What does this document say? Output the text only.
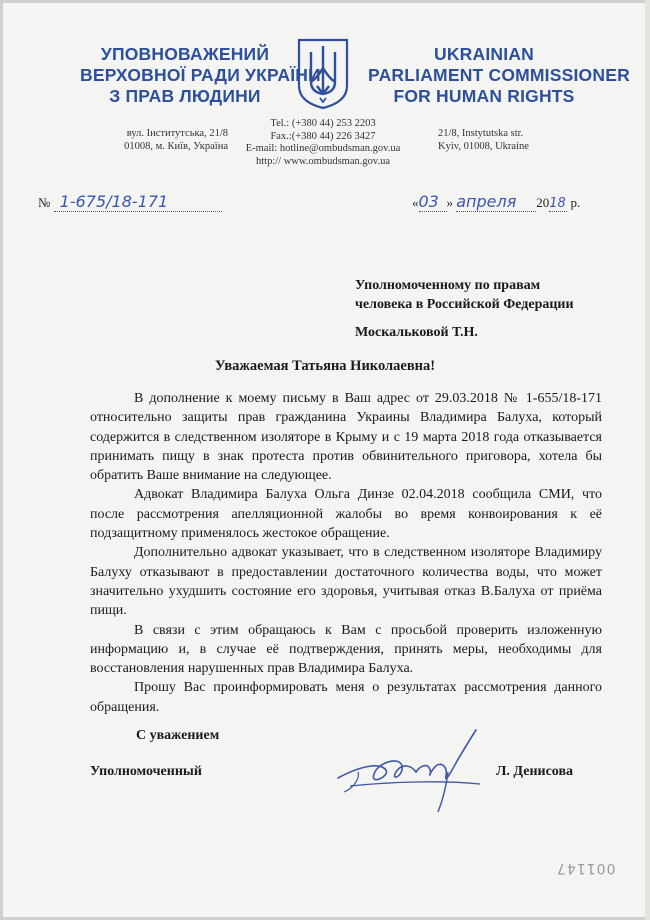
УПОВНОВАЖЕНИЙ
ВЕРХОВНОЇ РАДИ УКРАЇНИ
З ПРАВ ЛЮДИНИ
UKRAINIAN
PARLIAMENT COMMISSIONER
FOR HUMAN RIGHTS
вул. Інститутська, 21/8
01008, м. Київ, Україна
Tel.: (+380 44) 253 2203
Fax.:(+380 44) 226 3427
E-mail: hotline@ombudsman.gov.ua
http:// www.ombudsman.gov.ua
21/8, Instytutska str.
Kyiv, 01008, Ukraine
№ 1-675/18-171	«03 » апреля 2018 р.
Уполномоченному по правам
человека в Российской Федерации
Москальковой Т.Н.
Уважаемая Татьяна Николаевна!

В дополнение к моему письму в Ваш адрес от 29.03.2018 № 1-655/18-171 относительно защиты прав гражданина Украины Владимира Балуха, который содержится в следственном изоляторе в Крыму и с 19 марта 2018 года отказывается принимать пищу в знак протеста против обвинительного приговора, хотела бы обратить Ваше внимание на следующее.

Адвокат Владимира Балуха Ольга Динзе 02.04.2018 сообщила СМИ, что после рассмотрения апелляционной жалобы во время конвоирования к её подзащитному применялось жестокое обращение.

Дополнительно адвокат указывает, что в следственном изоляторе Владимиру Балуху отказывают в предоставлении достаточного количества воды, что может значительно ухудшить состояние его здоровья, учитывая отказ В.Балуха от приёма пищи.

В связи с этим обращаюсь к Вам с просьбой проверить изложенную информацию и, в случае её подтверждения, принять меры, необходимы для восстановления нарушенных прав Владимира Балуха.

Прошу Вас проинформировать меня о результатах рассмотрения данного обращения.

С уважением
Уполномоченный	Л. Денисова
001147
